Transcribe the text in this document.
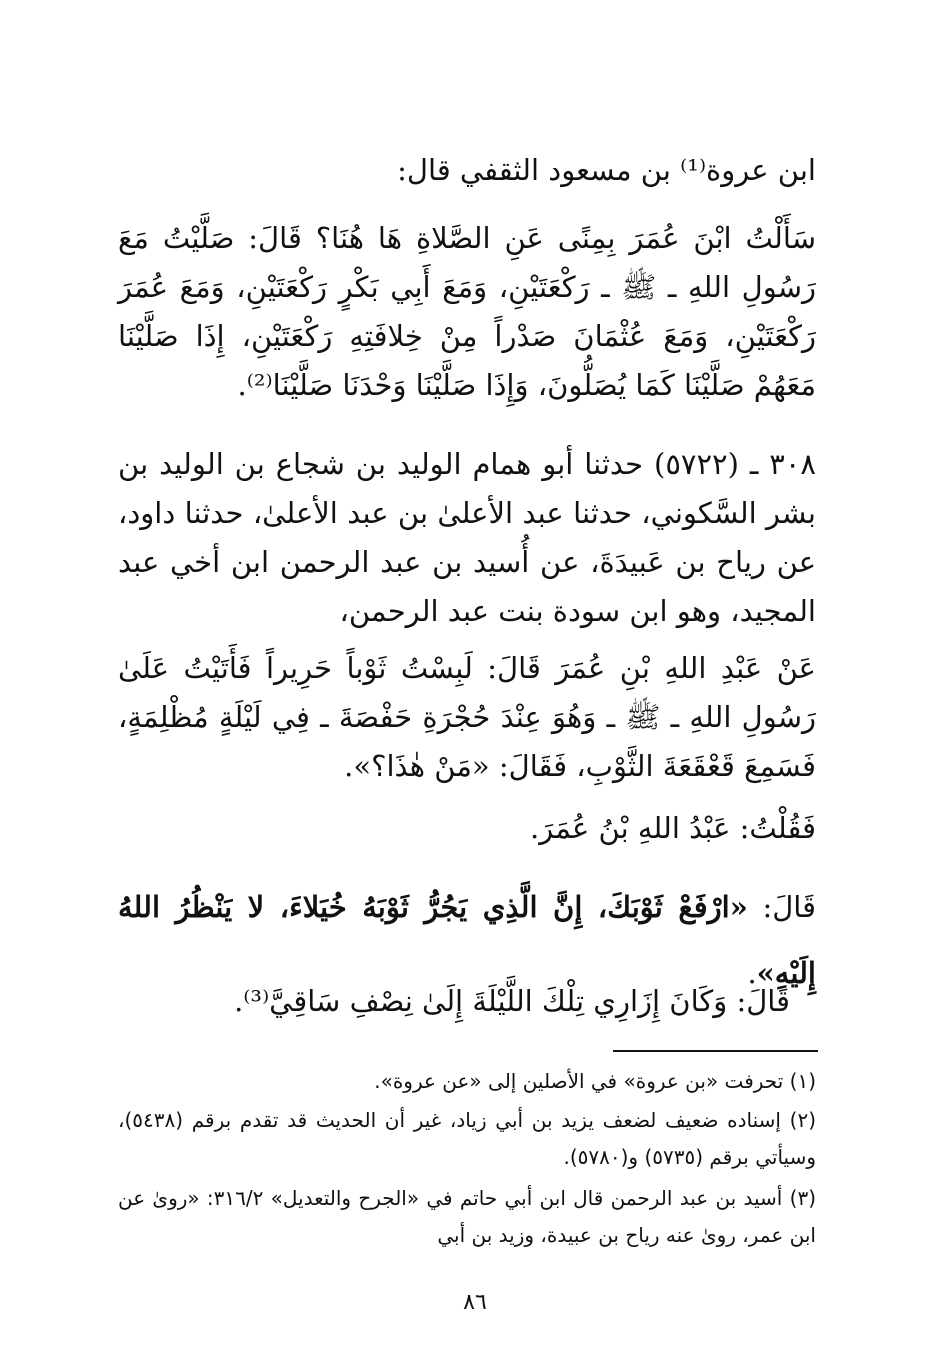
ابن عروة⁽¹⁾ بن مسعود الثقفي قال:
سَأَلْتُ ابْنَ عُمَرَ بِمِنًى عَنِ الصَّلاةِ هَا هُنَا؟ قَالَ: صَلَّيْتُ مَعَ رَسُولِ اللهِ ـ ﷺ ـ رَكْعَتَيْنِ، وَمَعَ أَبِي بَكْرٍ رَكْعَتَيْنِ، وَمَعَ عُمَرَ رَكْعَتَيْنِ، وَمَعَ عُثْمَانَ صَدْراً مِنْ خِلافَتِهِ رَكْعَتَيْنِ، إِذَا صَلَّيْنَا مَعَهُمْ صَلَّيْنَا كَمَا يُصَلُّونَ، وَإِذَا صَلَّيْنَا وَحْدَنَا صَلَّيْنَا⁽²⁾.
٣٠٨ ـ (٥٧٢٢) حدثنا أبو همام الوليد بن شجاع بن الوليد بن بشر السَّكوني، حدثنا عبد الأعلىٰ بن عبد الأعلىٰ، حدثنا داود، عن رياح بن عَبيدَةَ، عن أُسيد بن عبد الرحمن ابن أخي عبد المجيد، وهو ابن سودة بنت عبد الرحمن،
عَنْ عَبْدِ اللهِ بْنِ عُمَرَ قَالَ: لَبِسْتُ ثَوْباً حَرِيراً فَأَتَيْتُ عَلَىٰ رَسُولِ اللهِ ـ ﷺ ـ وَهُوَ عِنْدَ حُجْرَةِ حَفْصَةَ ـ فِي لَيْلَةٍ مُظْلِمَةٍ، فَسَمِعَ قَعْقَعَةَ الثَّوْبِ، فَقَالَ: «مَنْ هٰذَا؟».
فَقُلْتُ: عَبْدُ اللهِ بْنُ عُمَرَ.
قَالَ: «ارْفَعْ ثَوْبَكَ، إِنَّ الَّذِي يَجُرُّ ثَوْبَهُ خُيَلاءَ، لا يَنْظُرُ اللهُ إِلَيْهِ».
قَالَ: وَكَانَ إِزَارِي تِلْكَ اللَّيْلَةَ إِلَىٰ نِصْفِ سَاقِيَّ⁽³⁾.
(١) تحرفت «بن عروة» في الأصلين إلى «عن عروة».
(٢) إسناده ضعيف لضعف يزيد بن أبي زياد، غير أن الحديث قد تقدم برقم (٥٤٣٨)، وسيأتي برقم (٥٧٣٥) و(٥٧٨٠).
(٣) أسيد بن عبد الرحمن قال ابن أبي حاتم في «الجرح والتعديل» ٣١٦/٢: «روىٰ عن ابن عمر، روىٰ عنه رياح بن عبيدة، وزيد بن أبي
٨٦
